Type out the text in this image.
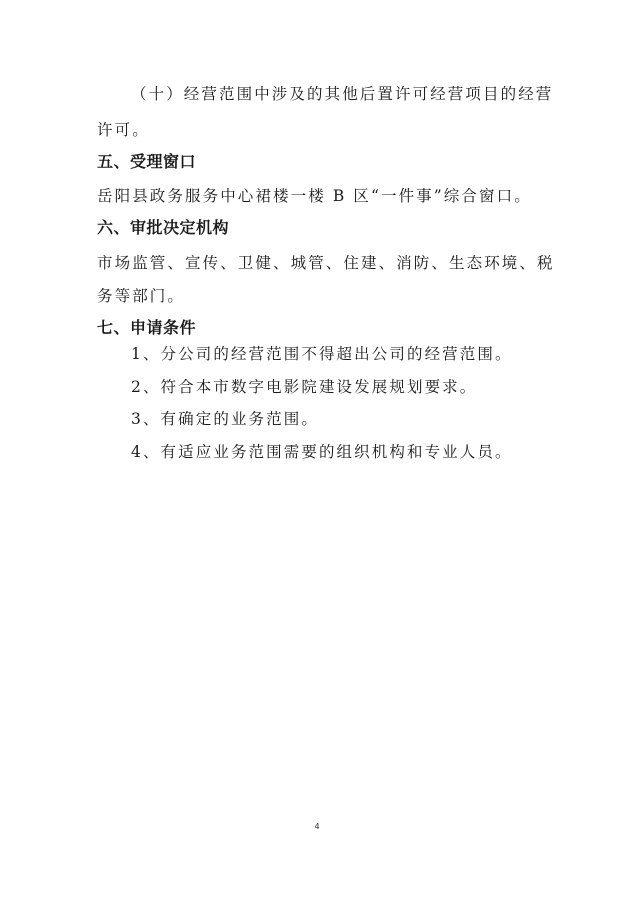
（十）经营范围中涉及的其他后置许可经营项目的经营
许可。
五、受理窗口
岳阳县政务服务中心裙楼一楼 B 区“一件事”综合窗口。
六、审批决定机构
市场监管、宣传、卫健、城管、住建、消防、生态环境、税
务等部门。
七、申请条件
1、分公司的经营范围不得超出公司的经营范围。
2、符合本市数字电影院建设发展规划要求。
3、有确定的业务范围。
4、有适应业务范围需要的组织机构和专业人员。
4
